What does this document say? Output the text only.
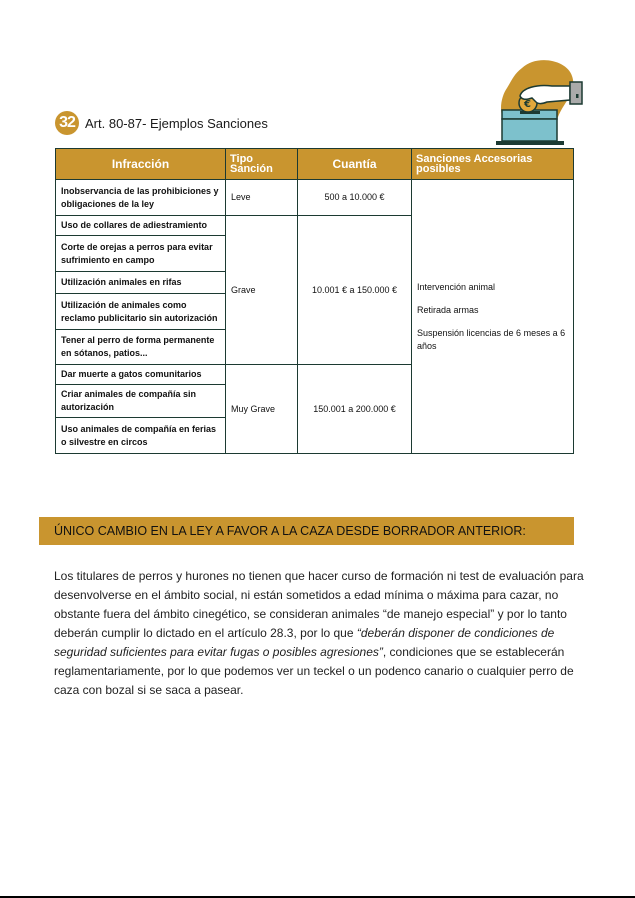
32 Art. 80-87- Ejemplos Sanciones
€
Infracción	Tipo Sanción	Cuantía	Sanciones Accesorias posibles
Inobservancia de las prohibiciones y obligaciones de la ley	Leve	500 a 10.000 €	Intervención animal
Retirada armas
Suspensión licencias de 6 meses a 6 años

Uso de collares de adiestramiento	Grave	10.001 € a 150.000 €	
Corte de orejas a perros para evitar sufrimiento en campo			
Utilización animales en rifas			
Utilización de animales como reclamo publicitario sin autorización			
Tener al perro de forma permanente en sótanos, patios...			
Dar muerte a gatos comunitarios	Muy Grave	150.001 a 200.000 €	
Criar animales de compañía sin autorización			
Uso animales de compañía en ferias o silvestre en circos			
ÚNICO CAMBIO EN LA LEY A FAVOR A LA CAZA DESDE BORRADOR ANTERIOR:

Los titulares de perros y hurones no tienen que hacer curso de formación ni test de evaluación para desenvolverse en el ámbito social, ni están sometidos a edad mínima o máxima para cazar, no obstante fuera del ámbito cinegético, se consideran animales “de manejo especial” y por lo tanto deberán cumplir lo dictado en el artículo 28.3, por lo que “deberán disponer de condiciones de seguridad suficientes para evitar fugas o posibles agresiones”, condiciones que se establecerán reglamentariamente, por lo que podemos ver un teckel o un podenco canario o cualquier perro de caza con bozal si se saca a pasear.
